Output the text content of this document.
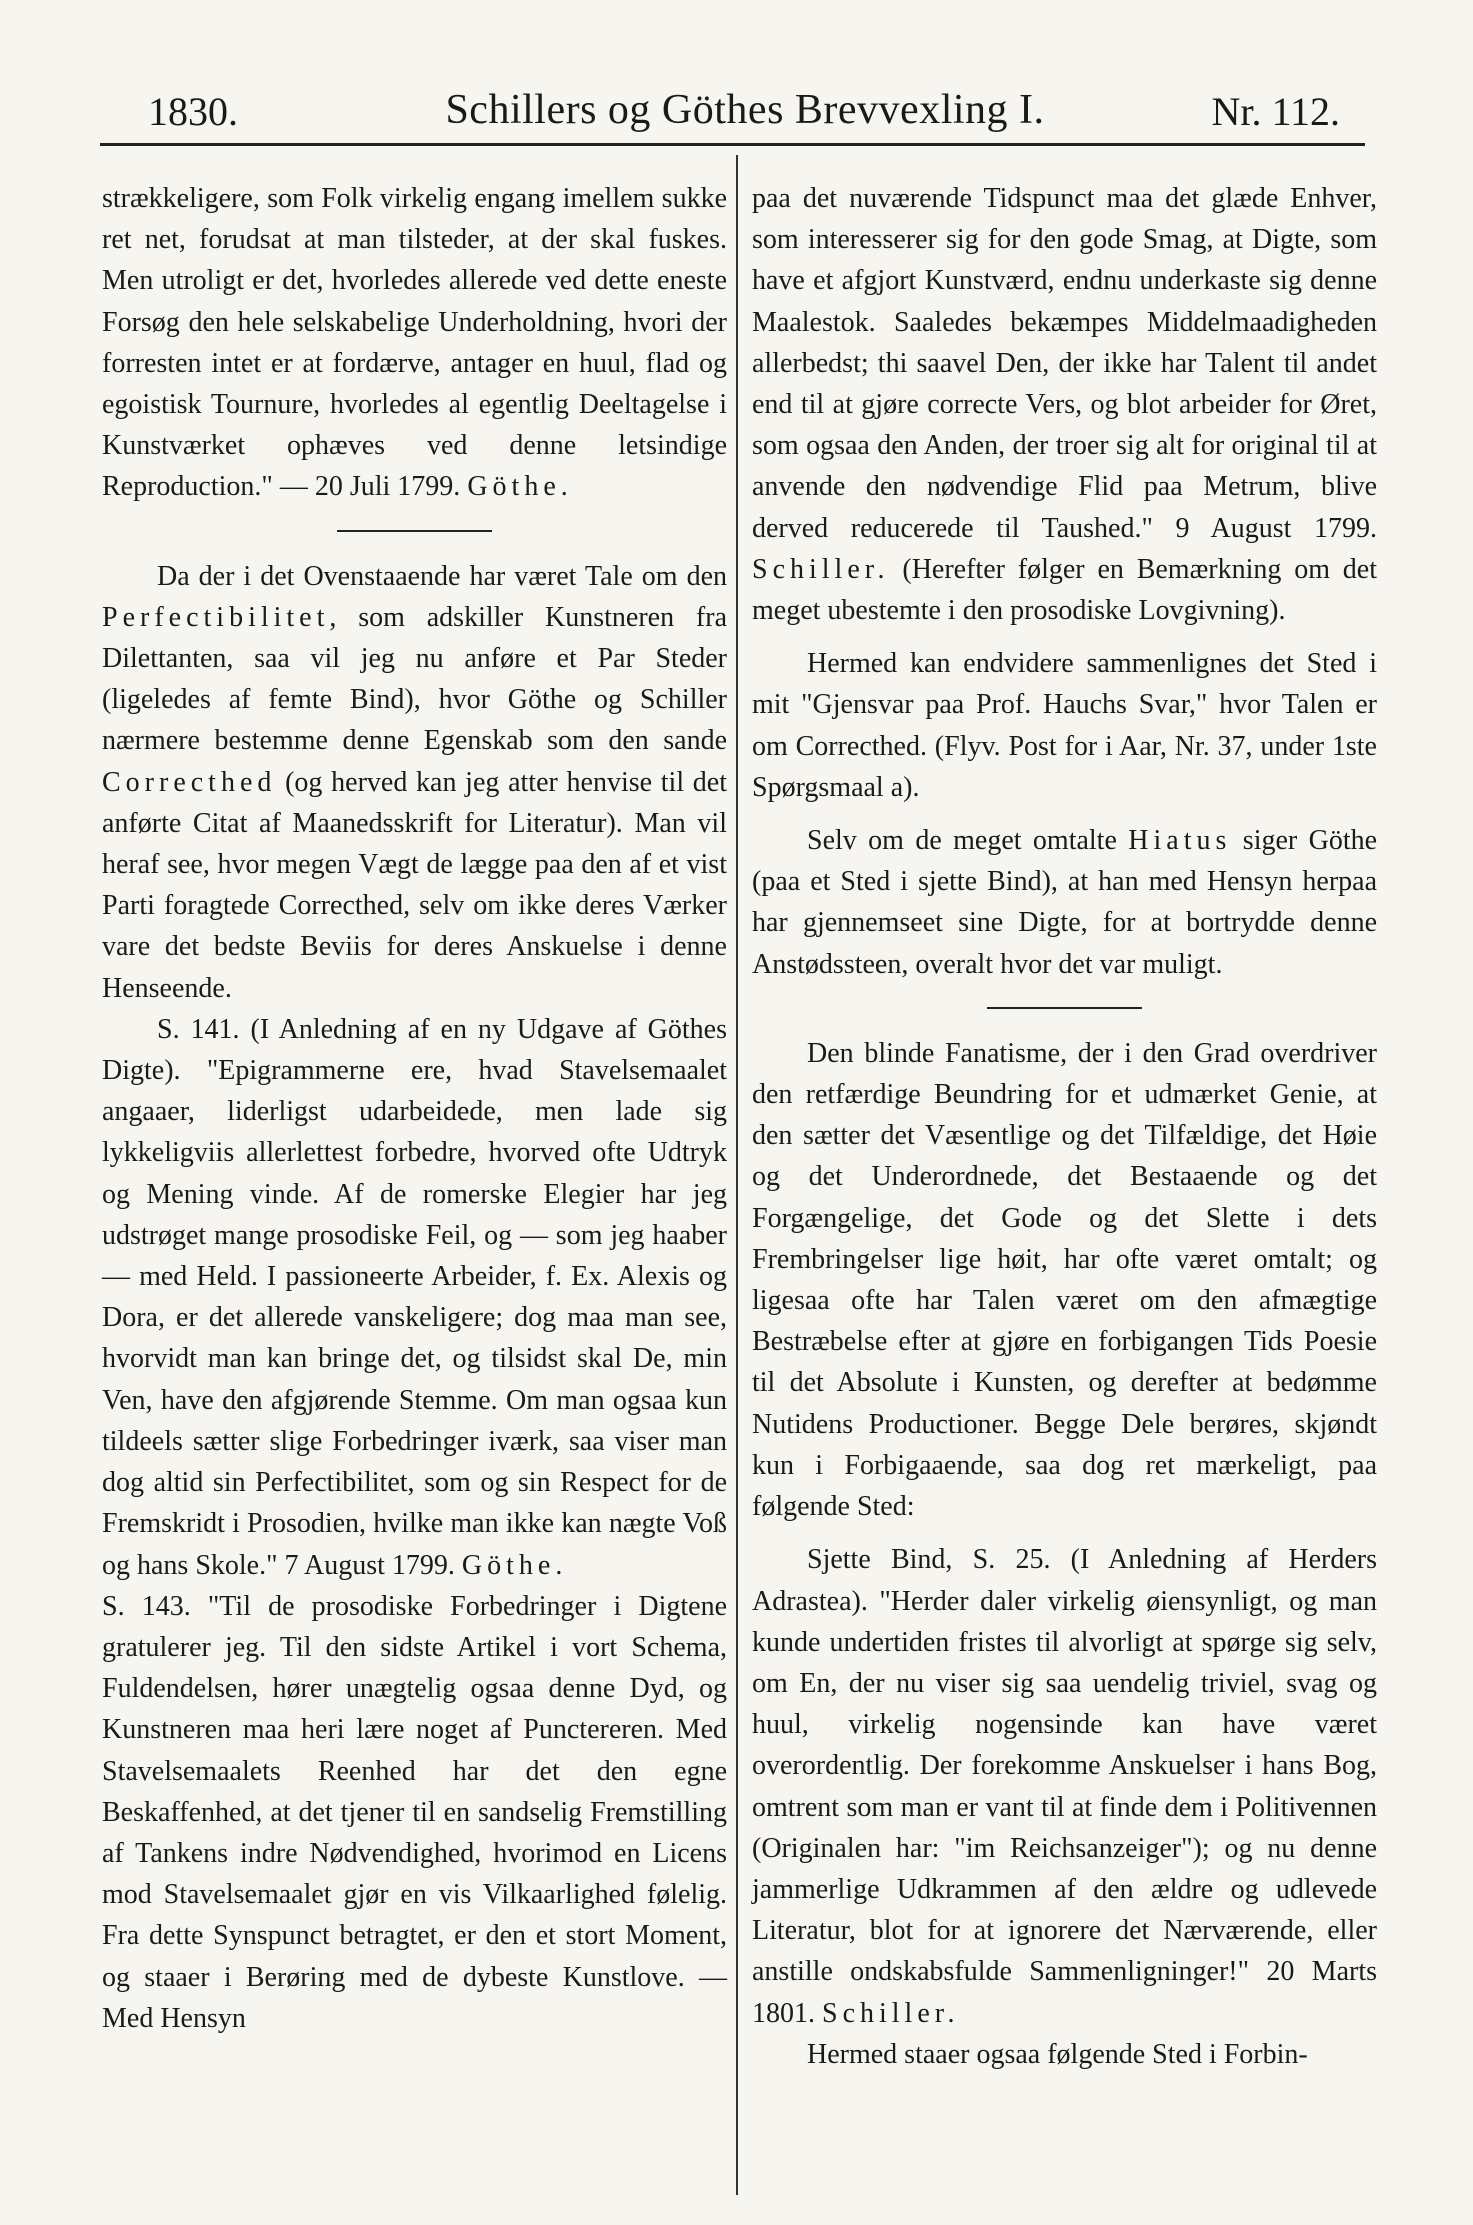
1830.	Schillers og Göthes Brevvexling I.	Nr. 112.

strækkeligere, som Folk virkelig engang imellem sukke ret net, forudsat at man tilsteder, at der skal fuskes. Men utroligt er det, hvorledes allerede ved dette eneste Forsøg den hele selskabelige Underholdning, hvori der forresten intet er at fordærve, antager en huul, flad og egoistisk Tournure, hvorledes al egentlig Deeltagelse i Kunstværket ophæves ved denne letsindige Reproduction." — 20 Juli 1799. Göthe.

Da der i det Ovenstaaende har været Tale om den Perfectibilitet, som adskiller Kunstneren fra Dilettanten, saa vil jeg nu anføre et Par Steder (ligeledes af femte Bind), hvor Göthe og Schiller nærmere bestemme denne Egenskab som den sande Correcthed (og herved kan jeg atter henvise til det anførte Citat af Maanedsskrift for Literatur). Man vil heraf see, hvor megen Vægt de lægge paa den af et vist Parti foragtede Correcthed, selv om ikke deres Værker vare det bedste Beviis for deres Anskuelse i denne Henseende.

S. 141. (I Anledning af en ny Udgave af Göthes Digte). "Epigrammerne ere, hvad Stavelsemaalet angaaer, liderligst udarbeidede, men lade sig lykkeligviis allerlettest forbedre, hvorved ofte Udtryk og Mening vinde. Af de romerske Elegier har jeg udstrøget mange prosodiske Feil, og — som jeg haaber — med Held. I passioneerte Arbeider, f. Ex. Alexis og Dora, er det allerede vanskeligere; dog maa man see, hvorvidt man kan bringe det, og tilsidst skal De, min Ven, have den afgjørende Stemme. Om man ogsaa kun tildeels sætter slige Forbedringer iværk, saa viser man dog altid sin Perfectibilitet, som og sin Respect for de Fremskridt i Prosodien, hvilke man ikke kan nægte Voß og hans Skole." 7 August 1799. Göthe.

S. 143. "Til de prosodiske Forbedringer i Digtene gratulerer jeg. Til den sidste Artikel i vort Schema, Fuldendelsen, hører unægtelig ogsaa denne Dyd, og Kunstneren maa heri lære noget af Punctereren. Med Stavelsemaalets Reenhed har det den egne Beskaffenhed, at det tjener til en sandselig Fremstilling af Tankens indre Nødvendighed, hvorimod en Licens mod Stavelsemaalet gjør en vis Vilkaarlighed følelig. Fra dette Synspunct betragtet, er den et stort Moment, og staaer i Berøring med de dybeste Kunstlove. — Med Hensyn

paa det nuværende Tidspunct maa det glæde Enhver, som interesserer sig for den gode Smag, at Digte, som have et afgjort Kunstværd, endnu underkaste sig denne Maalestok. Saaledes bekæmpes Middelmaadigheden allerbedst; thi saavel Den, der ikke har Talent til andet end til at gjøre correcte Vers, og blot arbeider for Øret, som ogsaa den Anden, der troer sig alt for original til at anvende den nødvendige Flid paa Metrum, blive derved reducerede til Taushed." 9 August 1799. Schiller. (Herefter følger en Bemærkning om det meget ubestemte i den prosodiske Lovgivning).

Hermed kan endvidere sammenlignes det Sted i mit "Gjensvar paa Prof. Hauchs Svar," hvor Talen er om Correcthed. (Flyv. Post for i Aar, Nr. 37, under 1ste Spørgsmaal a).

Selv om de meget omtalte Hiatus siger Göthe (paa et Sted i sjette Bind), at han med Hensyn herpaa har gjennemseet sine Digte, for at bortrydde denne Anstødssteen, overalt hvor det var muligt.

Den blinde Fanatisme, der i den Grad overdriver den retfærdige Beundring for et udmærket Genie, at den sætter det Væsentlige og det Tilfældige, det Høie og det Underordnede, det Bestaaende og det Forgængelige, det Gode og det Slette i dets Frembringelser lige høit, har ofte været omtalt; og ligesaa ofte har Talen været om den afmægtige Bestræbelse efter at gjøre en forbigangen Tids Poesie til det Absolute i Kunsten, og derefter at bedømme Nutidens Productioner. Begge Dele berøres, skjøndt kun i Forbigaaende, saa dog ret mærkeligt, paa følgende Sted:

Sjette Bind, S. 25. (I Anledning af Herders Adrastea). "Herder daler virkelig øiensynligt, og man kunde undertiden fristes til alvorligt at spørge sig selv, om En, der nu viser sig saa uendelig triviel, svag og huul, virkelig nogensinde kan have været overordentlig. Der forekomme Anskuelser i hans Bog, omtrent som man er vant til at finde dem i Politivennen (Originalen har: "im Reichsanzeiger"); og nu denne jammerlige Udkrammen af den ældre og udlevede Literatur, blot for at ignorere det Nærværende, eller anstille ondskabsfulde Sammenligninger!" 20 Marts 1801. Schiller.

Hermed staaer ogsaa følgende Sted i Forbin-
